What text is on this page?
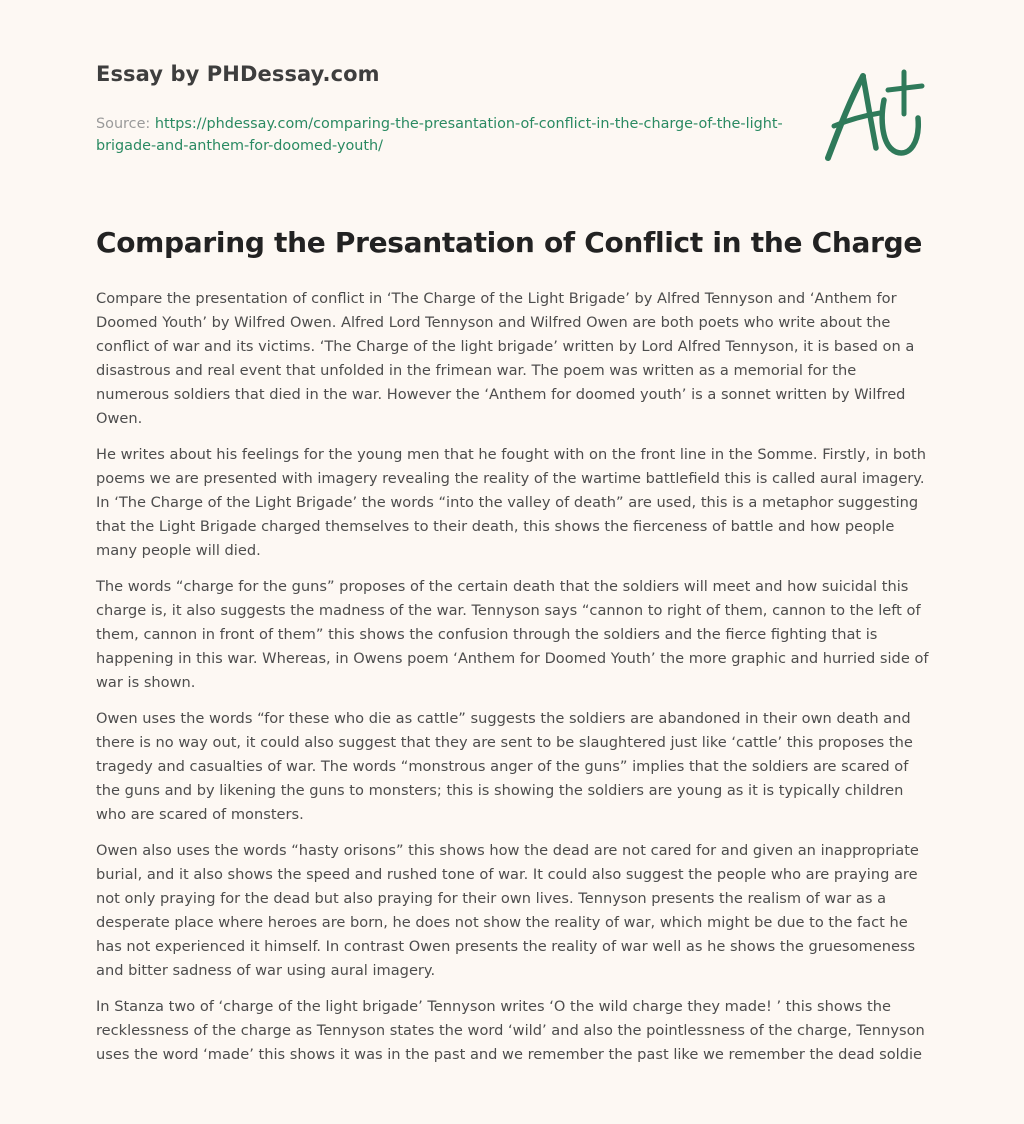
Essay by PHDessay.com
Source: https://phdessay.com/comparing-the-presantation-of-conflict-in-the-charge-of-the-light-brigade-and-anthem-for-doomed-youth/
Comparing the Presantation of Conflict in the Charge

Compare the presentation of conflict in ‘The Charge of the Light Brigade’ by Alfred Tennyson and ‘Anthem for Doomed Youth’ by Wilfred Owen. Alfred Lord Tennyson and Wilfred Owen are both poets who write about the conflict of war and its victims. ‘The Charge of the light brigade’ written by Lord Alfred Tennyson, it is based on a disastrous and real event that unfolded in the frimean war. The poem was written as a memorial for the numerous soldiers that died in the war. However the ‘Anthem for doomed youth’ is a sonnet written by Wilfred Owen.

He writes about his feelings for the young men that he fought with on the front line in the Somme. Firstly, in both poems we are presented with imagery revealing the reality of the wartime battlefield this is called aural imagery. In ‘The Charge of the Light Brigade’ the words “into the valley of death” are used, this is a metaphor suggesting that the Light Brigade charged themselves to their death, this shows the fierceness of battle and how people many people will died.

The words “charge for the guns” proposes of the certain death that the soldiers will meet and how suicidal this charge is, it also suggests the madness of the war. Tennyson says “cannon to right of them, cannon to the left of them, cannon in front of them” this shows the confusion through the soldiers and the fierce fighting that is happening in this war. Whereas, in Owens poem ‘Anthem for Doomed Youth’ the more graphic and hurried side of war is shown.

Owen uses the words “for these who die as cattle” suggests the soldiers are abandoned in their own death and there is no way out, it could also suggest that they are sent to be slaughtered just like ‘cattle’ this proposes the tragedy and casualties of war. The words “monstrous anger of the guns” implies that the soldiers are scared of the guns and by likening the guns to monsters; this is showing the soldiers are young as it is typically children who are scared of monsters.

Owen also uses the words “hasty orisons” this shows how the dead are not cared for and given an inappropriate burial, and it also shows the speed and rushed tone of war. It could also suggest the people who are praying are not only praying for the dead but also praying for their own lives. Tennyson presents the realism of war as a desperate place where heroes are born, he does not show the reality of war, which might be due to the fact he has not experienced it himself. In contrast Owen presents the reality of war well as he shows the gruesomeness and bitter sadness of war using aural imagery.

In Stanza two of ‘charge of the light brigade’ Tennyson writes ‘O the wild charge they made! ’ this shows the recklessness of the charge as Tennyson states the word ‘wild’ and also the pointlessness of the charge, Tennyson uses the word ‘made’ this shows it was in the past and we remember the past like we remember the dead soldie
